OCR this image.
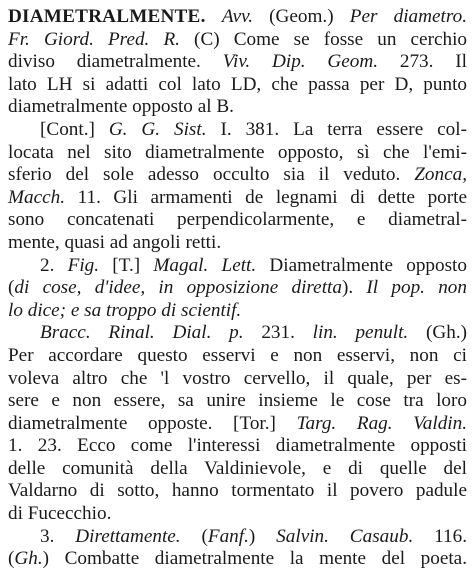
DIAMETRALMENTE. Avv. (Geom.) Per diametro.
Fr. Giord. Pred. R. (C) Come se fosse un cerchio
diviso diametralmente. Viv. Dip. Geom. 273. Il
lato LH si adatti col lato LD, che passa per D, punto
diametralmente opposto al B.
[Cont.] G. G. Sist. I. 381. La terra essere col-
locata nel sito diametralmente opposto, sì che l'emi-
sferio del sole adesso occulto sia il veduto. Zonca,
Macch. 11. Gli armamenti de legnami di dette porte
sono concatenati perpendicolarmente, e diametral-
mente, quasi ad angoli retti.
2. Fig. [T.] Magal. Lett. Diametralmente opposto
(di cose, d'idee, in opposizione diretta). Il pop. non
lo dice; e sa troppo di scientif.
Bracc. Rinal. Dial. p. 231. lin. penult. (Gh.)
Per accordare questo esservi e non esservi, non ci
voleva altro che 'l vostro cervello, il quale, per es-
sere e non essere, sa unire insieme le cose tra loro
diametralmente opposte. [Tor.] Targ. Rag. Valdin.
1. 23. Ecco come l'interessi diametralmente opposti
delle comunità della Valdinievole, e di quelle del
Valdarno di sotto, hanno tormentato il povero padule
di Fucecchio.
3. Direttamente. (Fanf.) Salvin. Casaub. 116.
(Gh.) Combatte diametralmente la mente del poeta.
